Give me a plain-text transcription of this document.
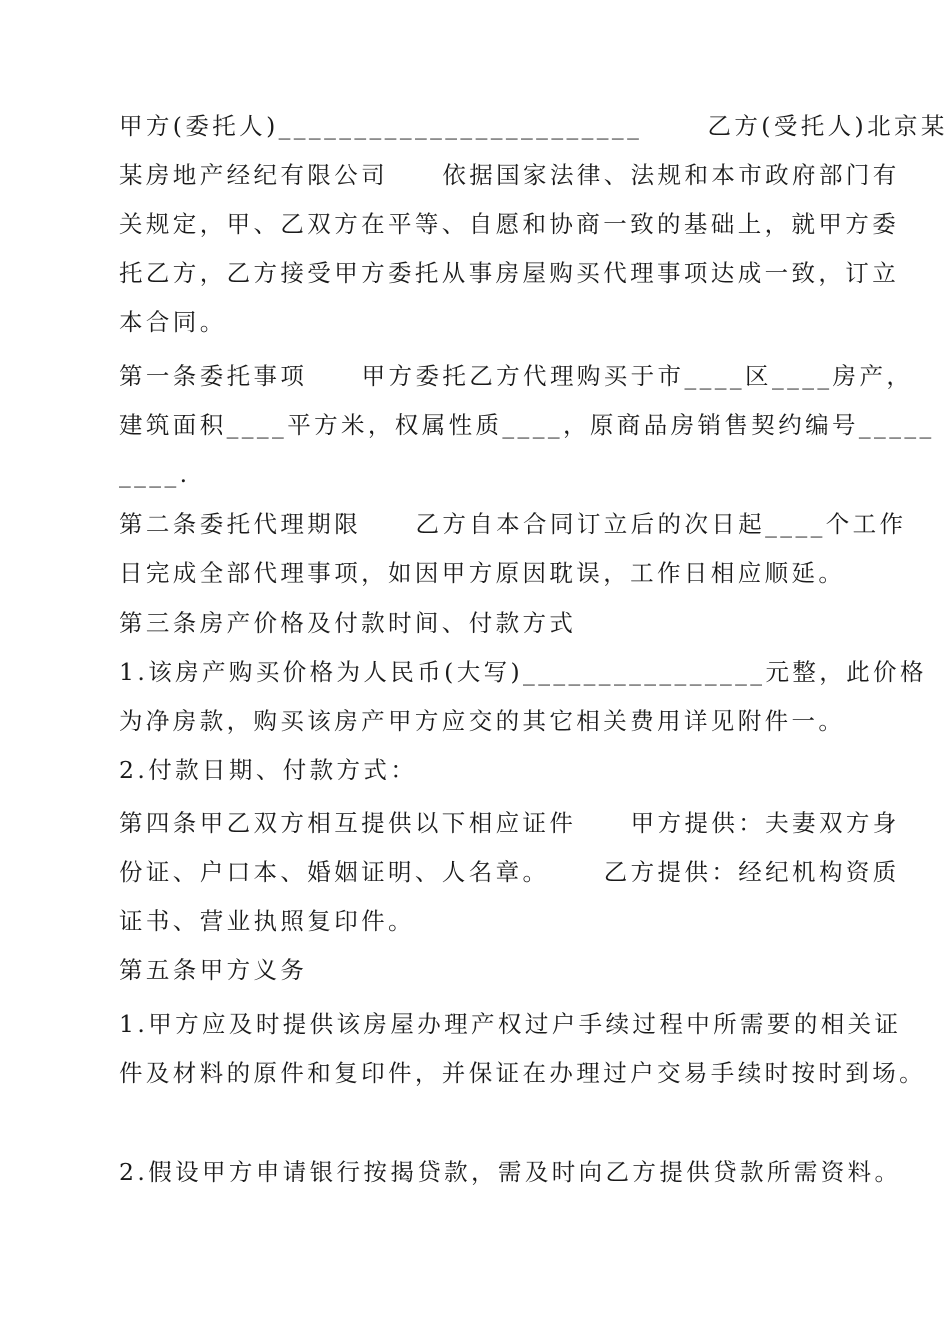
甲方(委托人)________________________      乙方(受托人)北京某
某房地产经纪有限公司     依据国家法律、法规和本市政府部门有
关规定，甲、乙双方在平等、自愿和协商一致的基础上，就甲方委
托乙方，乙方接受甲方委托从事房屋购买代理事项达成一致，订立
本合同。
第一条委托事项     甲方委托乙方代理购买于市____区____房产，
建筑面积____平方米，权属性质____，原商品房销售契约编号_____
____.
第二条委托代理期限     乙方自本合同订立后的次日起____个工作
日完成全部代理事项，如因甲方原因耽误，工作日相应顺延。
第三条房产价格及付款时间、付款方式
1.该房产购买价格为人民币(大写)________________元整，此价格
为净房款，购买该房产甲方应交的其它相关费用详见附件一。
2.付款日期、付款方式：
第四条甲乙双方相互提供以下相应证件     甲方提供：夫妻双方身
份证、户口本、婚姻证明、人名章。     乙方提供：经纪机构资质
证书、营业执照复印件。
第五条甲方义务
1.甲方应及时提供该房屋办理产权过户手续过程中所需要的相关证
件及材料的原件和复印件，并保证在办理过户交易手续时按时到场。
2.假设甲方申请银行按揭贷款，需及时向乙方提供贷款所需资料。
